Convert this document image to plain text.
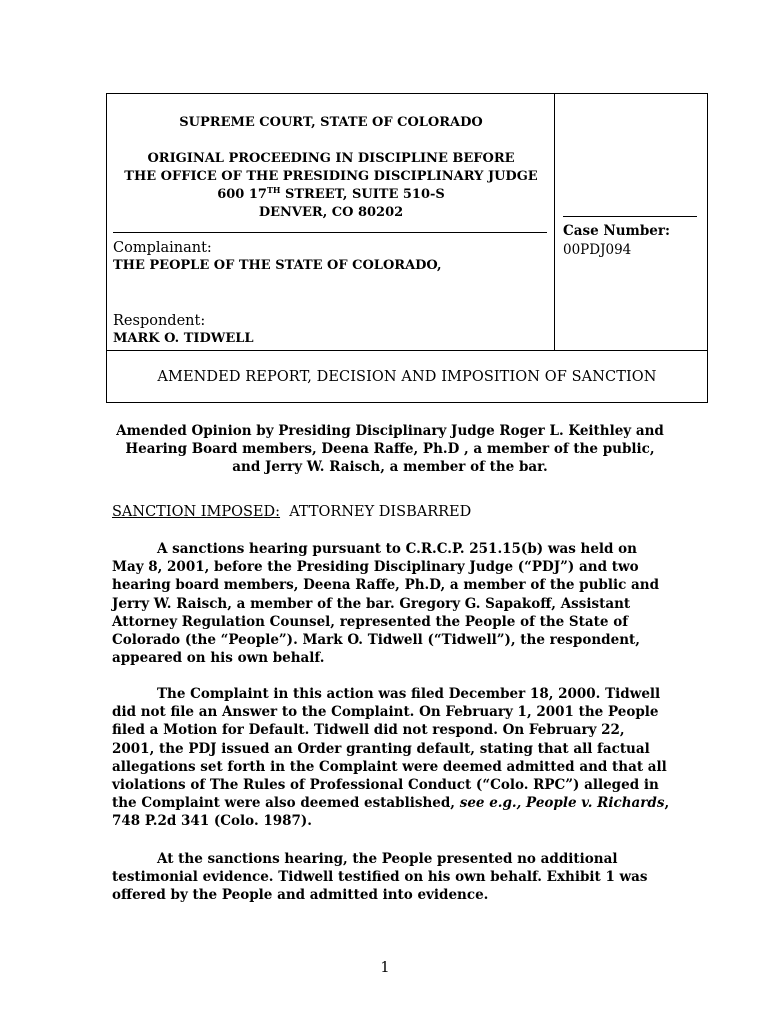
SUPREME COURT, STATE OF COLORADO
ORIGINAL PROCEEDING IN DISCIPLINE BEFORE
THE OFFICE OF THE PRESIDING DISCIPLINARY JUDGE
600 17TH STREET, SUITE 510-S
DENVER, CO 80202
Complainant:
THE PEOPLE OF THE STATE OF COLORADO,
Respondent:
MARK O. TIDWELL
Case Number:
00PDJ094
AMENDED REPORT, DECISION AND IMPOSITION OF SANCTION
Amended Opinion by Presiding Disciplinary Judge Roger L. Keithley and
Hearing Board members, Deena Raffe, Ph.D , a member of the public,
and Jerry W. Raisch, a member of the bar.
SANCTION IMPOSED: ATTORNEY DISBARRED
A sanctions hearing pursuant to C.R.C.P. 251.15(b) was held on
May 8, 2001, before the Presiding Disciplinary Judge (“PDJ”) and two
hearing board members, Deena Raffe, Ph.D, a member of the public and
Jerry W. Raisch, a member of the bar. Gregory G. Sapakoff, Assistant
Attorney Regulation Counsel, represented the People of the State of
Colorado (the “People”). Mark O. Tidwell (“Tidwell”), the respondent,
appeared on his own behalf.
The Complaint in this action was filed December 18, 2000. Tidwell
did not file an Answer to the Complaint. On February 1, 2001 the People
filed a Motion for Default. Tidwell did not respond. On February 22,
2001, the PDJ issued an Order granting default, stating that all factual
allegations set forth in the Complaint were deemed admitted and that all
violations of The Rules of Professional Conduct (“Colo. RPC”) alleged in
the Complaint were also deemed established, see e.g., People v. Richards,
748 P.2d 341 (Colo. 1987).
At the sanctions hearing, the People presented no additional
testimonial evidence. Tidwell testified on his own behalf. Exhibit 1 was
offered by the People and admitted into evidence.
1
